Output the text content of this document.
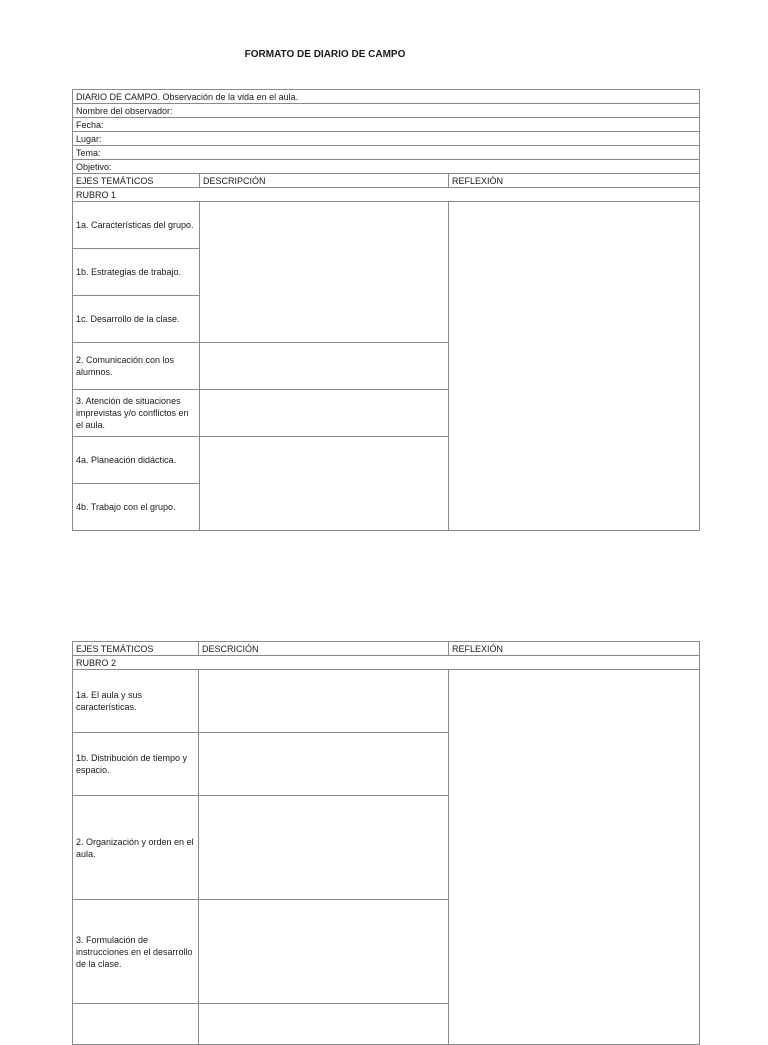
FORMATO DE DIARIO DE CAMPO
DIARIO DE CAMPO. Observación de la vida en el aula.		
Nombre del observador:		
Fecha:		
Lugar:		
Tema:		
Objetivo:		
EJES TEMÁTICOS	DESCRIPCIÓN	REFLEXIÓN
RUBRO 1		
1a. Características del grupo.		
1b. Estrategias de trabajo.		
1c. Desarrollo de la clase.		
2. Comunicación con los alumnos.		
3. Atención de situaciones imprevistas y/o conflictos en el aula.		
4a. Planeación didáctica.		
4b. Trabajo con el grupo.		
EJES TEMÁTICOS	DESCRICIÓN	REFLEXIÓN
RUBRO 2		
1a. El aula y sus características.		
1b. Distribución de tiempo y espacio.		
2. Organización y orden en el aula.		
3. Formulación de instrucciones en el desarrollo de la clase.		
